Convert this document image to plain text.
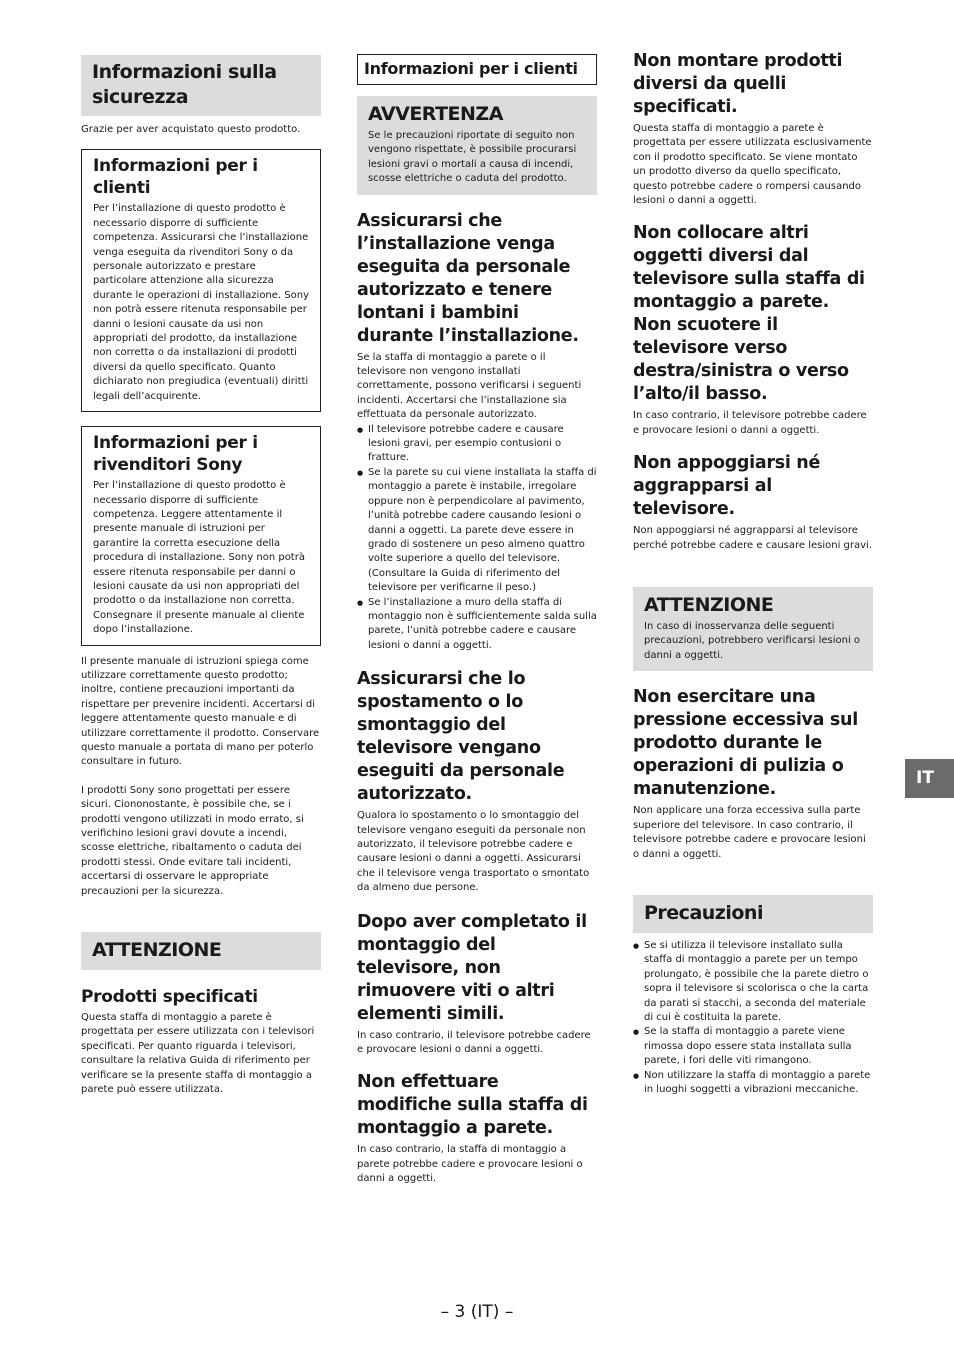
Informazioni sulla sicurezza

Grazie per aver acquistato questo prodotto.

Informazioni per i clienti
Per l’installazione di questo prodotto è necessario disporre di sufficiente competenza. Assicurarsi che l’installazione venga eseguita da rivenditori Sony o da personale autorizzato e prestare particolare attenzione alla sicurezza durante le operazioni di installazione. Sony non potrà essere ritenuta responsabile per danni o lesioni causate da usi non appropriati del prodotto, da installazione non corretta o da installazioni di prodotti diversi da quello specificato. Quanto dichiarato non pregiudica (eventuali) diritti legali dell’acquirente.
Informazioni per i rivenditori Sony
Per l’installazione di questo prodotto è necessario disporre di sufficiente competenza. Leggere attentamente il presente manuale di istruzioni per garantire la corretta esecuzione della procedura di installazione. Sony non potrà essere ritenuta responsabile per danni o lesioni causate da usi non appropriati del prodotto o da installazione non corretta. Consegnare il presente manuale al cliente dopo l’installazione.

Il presente manuale di istruzioni spiega come utilizzare correttamente questo prodotto; inoltre, contiene precauzioni importanti da rispettare per prevenire incidenti. Accertarsi di leggere attentamente questo manuale e di utilizzare correttamente il prodotto. Conservare questo manuale a portata di mano per poterlo consultare in futuro.

I prodotti Sony sono progettati per essere sicuri. Ciononostante, è possibile che, se i prodotti vengono utilizzati in modo errato, si verifichino lesioni gravi dovute a incendi, scosse elettriche, ribaltamento o caduta dei prodotti stessi. Onde evitare tali incidenti, accertarsi di osservare le appropriate precauzioni per la sicurezza.

ATTENZIONE
Prodotti specificati

Questa staffa di montaggio a parete è progettata per essere utilizzata con i televisori specificati. Per quanto riguarda i televisori, consultare la relativa Guida di riferimento per verificare se la presente staffa di montaggio a parete può essere utilizzata.

Informazioni per i clienti
AVVERTENZA
Se le precauzioni riportate di seguito non vengono rispettate, è possibile procurarsi lesioni gravi o mortali a causa di incendi, scosse elettriche o caduta del prodotto.
Assicurarsi che l’installazione venga eseguita da personale autorizzato e tenere lontani i bambini durante l’installazione.

Se la staffa di montaggio a parete o il televisore non vengono installati correttamente, possono verificarsi i seguenti incidenti. Accertarsi che l’installazione sia effettuata da personale autorizzato.

● Il televisore potrebbe cadere e causare lesioni gravi, per esempio contusioni o fratture.
● Se la parete su cui viene installata la staffa di montaggio a parete è instabile, irregolare oppure non è perpendicolare al pavimento, l’unità potrebbe cadere causando lesioni o danni a oggetti. La parete deve essere in grado di sostenere un peso almeno quattro volte superiore a quello del televisore.
(Consultare la Guida di riferimento del televisore per verificarne il peso.)
● Se l’installazione a muro della staffa di montaggio non è sufficientemente salda sulla parete, l’unità potrebbe cadere e causare lesioni o danni a oggetti.
Assicurarsi che lo spostamento o lo smontaggio del televisore vengano eseguiti da personale autorizzato.

Qualora lo spostamento o lo smontaggio del televisore vengano eseguiti da personale non autorizzato, il televisore potrebbe cadere e causare lesioni o danni a oggetti. Assicurarsi che il televisore venga trasportato o smontato da almeno due persone.

Dopo aver completato il montaggio del televisore, non rimuovere viti o altri elementi simili.

In caso contrario, il televisore potrebbe cadere e provocare lesioni o danni a oggetti.

Non effettuare modifiche sulla staffa di montaggio a parete.

In caso contrario, la staffa di montaggio a parete potrebbe cadere e provocare lesioni o danni a oggetti.

Non montare prodotti diversi da quelli specificati.

Questa staffa di montaggio a parete è progettata per essere utilizzata esclusivamente con il prodotto specificato. Se viene montato un prodotto diverso da quello specificato, questo potrebbe cadere o rompersi causando lesioni o danni a oggetti.

Non collocare altri oggetti diversi dal televisore sulla staffa di montaggio a parete.
Non scuotere il televisore verso destra/sinistra o verso l’alto/il basso.

In caso contrario, il televisore potrebbe cadere e provocare lesioni o danni a oggetti.

Non appoggiarsi né aggrapparsi al televisore.

Non appoggiarsi né aggrapparsi al televisore perché potrebbe cadere e causare lesioni gravi.

ATTENZIONE
In caso di inosservanza delle seguenti precauzioni, potrebbero verificarsi lesioni o danni a oggetti.
Non esercitare una pressione eccessiva sul prodotto durante le operazioni di pulizia o manutenzione.

Non applicare una forza eccessiva sulla parte superiore del televisore. In caso contrario, il televisore potrebbe cadere e provocare lesioni o danni a oggetti.

Precauzioni
● Se si utilizza il televisore installato sulla staffa di montaggio a parete per un tempo prolungato, è possibile che la parete dietro o sopra il televisore si scolorisca o che la carta da parati si stacchi, a seconda del materiale di cui è costituita la parete.
● Se la staffa di montaggio a parete viene rimossa dopo essere stata installata sulla parete, i fori delle viti rimangono.
● Non utilizzare la staffa di montaggio a parete in luoghi soggetti a vibrazioni meccaniche.
IT
– 3 (IT) –
